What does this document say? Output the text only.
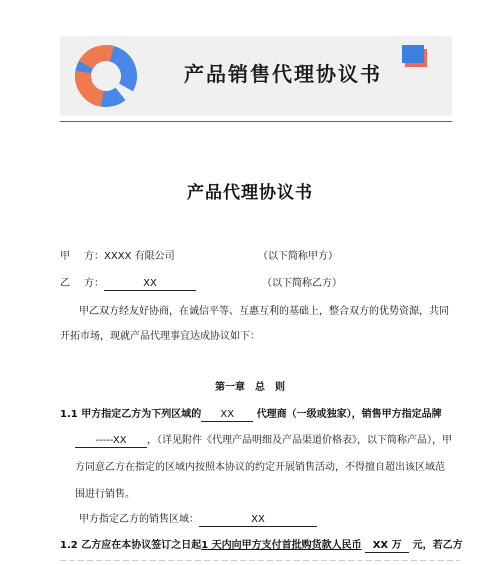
产品销售代理协议书
产品代理协议书
甲 方：XXXX 有限公司	（以下简称甲方）
乙 方：	XX	（以下简称乙方）
甲乙双方经友好协商，在诚信平等、互惠互利的基础上，整合双方的优势资源，共同
开拓市场，现就产品代理事宜达成协议如下：
第一章　总　则
1.1 甲方指定乙方为下列区域的 XX 代理商（一级或独家），销售甲方指定品牌
-----XX ，（详见附件《代理产品明细及产品渠道价格表》，以下简称产品），甲
方同意乙方在指定的区域内按照本协议的约定开展销售活动，不得擅自超出该区域范
围进行销售。
甲方指定乙方的销售区域：	XX
1.2 乙方应在本协议签订之日起1 天内向甲方支付首批购货款人民币 XX 万 元，若乙方
